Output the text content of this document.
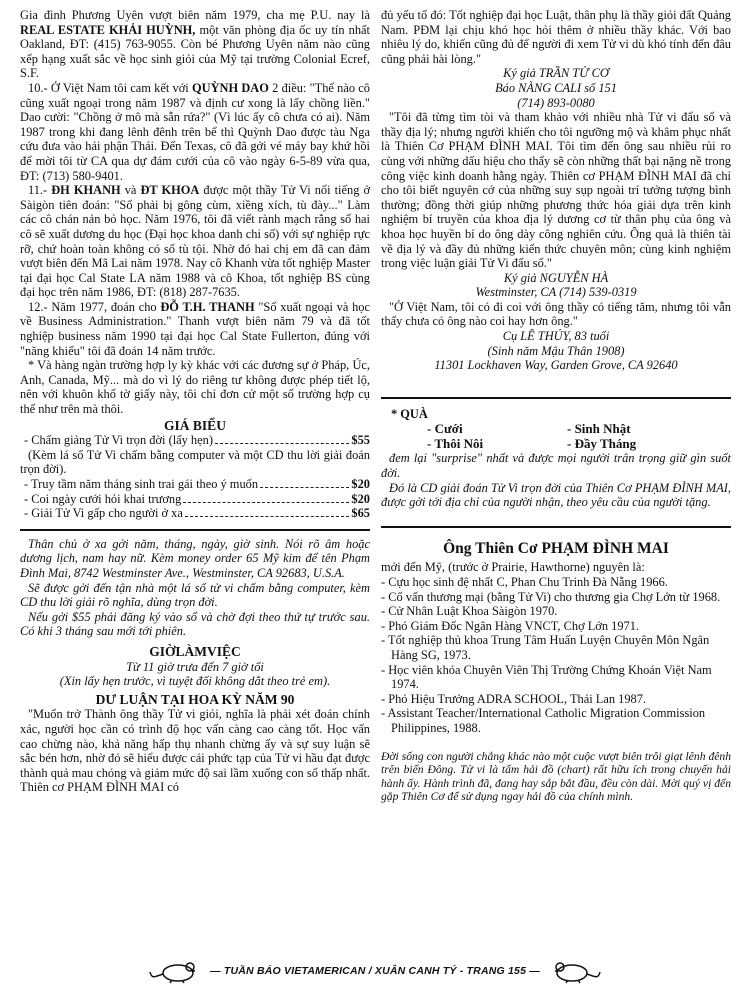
Gia đình Phương Uyên vượt biên năm 1979, cha mẹ P.U. nay là REAL ESTATE KHẢI HUỲNH, một văn phòng địa ốc uy tín nhất Oakland, ĐT: (415) 763-9055. Còn bé Phương Uyên năm nào cũng xếp hạng xuất sắc về học sinh giỏi của Mỹ tại trường Colonial Ecref, S.F.

10.- Ở Việt Nam tôi cam kết với QUỲNH DAO 2 điều: "Thế nào cô cũng xuất ngoại trong năm 1987 và định cư xong là lấy chồng liền." Dao cười: "Chồng ở mô mà sẵn rứa?" (Vì lúc ấy cô chưa có ai). Năm 1987 trong khi đang lênh đênh trên bể thì Quỳnh Dao được tàu Nga cứu đưa vào hải phận Thái. Đến Texas, cô đã gởi vé máy bay khứ hồi để mời tôi từ CA qua dự đám cưới của cô vào ngày 6-5-89 vừa qua, ĐT: (713) 580-9401.

11.- ĐH KHANH và ĐT KHOA được một thầy Tử Vi nổi tiếng ở Sàigòn tiên đoán: "Số phải bị gông cùm, xiềng xích, tù đày..." Làm các cô chán nản bỏ học. Năm 1976, tôi đã viết rành mạch rằng số hai cô sẽ xuất dương du học (Đại học khoa danh chi số) với sự nghiệp rực rỡ, chứ hoàn toàn không có số tù tội. Nhờ đó hai chị em đã can đảm vượt biên đến Mã Lai năm 1978. Nay cô Khanh vừa tốt nghiệp Master tại đại học Cal State LA năm 1988 và cô Khoa, tốt nghiệp BS cùng đại học trên năm 1986, ĐT: (818) 287-7635.

12.- Năm 1977, đoán cho ĐỖ T.H. THANH "Số xuất ngoại và học về Business Administration." Thanh vượt biên năm 79 và đã tốt nghiệp business năm 1990 tại đại học Cal State Fullerton, đúng với "năng khiếu" tôi đã đoán 14 năm trước.

* Và hàng ngàn trường hợp ly kỳ khác với các đương sự ở Pháp, Úc, Anh, Canada, Mỹ... mà do vì lý do riêng tư không được phép tiết lộ, nên với khuôn khổ tờ giấy này, tôi chỉ đơn cử một số trường hợp cụ thể như trên mà thôi.

GIÁ BIỂU
- Chấm giảng Tử Vi trọn đời (lấy hẹn)	$55

(Kèm lá số Tử Vi chấm bằng computer và một CD thu lời giải đoán trọn đời).

- Truy tầm năm tháng sinh trai gái theo ý muốn	$20
- Coi ngày cưới hỏi khai trương	$20
- Giải Tử Vi gấp cho người ở xa	$65

Thân chủ ở xa gởi năm, tháng, ngày, giờ sinh. Nói rõ âm hoặc dương lịch, nam hay nữ. Kèm money order 65 Mỹ kim để tên Phạm Đình Mai, 8742 Westminster Ave., Westminster, CA 92683, U.S.A.

Sẽ được gởi đến tận nhà một lá số tử vi chấm bằng computer, kèm CD thu lời giải rõ nghĩa, dùng trọn đời.

Nếu gởi $55 phải đăng ký vào sổ và chờ đợi theo thứ tự trước sau. Có khi 3 tháng sau mới tới phiên.

GIỜLÀMVIỆC

Từ 11 giờ trưa đến 7 giờ tối

(Xin lấy hẹn trước, vì tuyệt đối không dắt theo trẻ em).

DƯ LUẬN TẠI HOA KỲ NĂM 90

"Muốn trở Thành ông thầy Tử vi giỏi, nghĩa là phải xét đoán chính xác, người học cần có trình độ học vấn càng cao càng tốt. Học vấn cao chừng nào, khả năng hấp thụ nhanh chừng ấy và sự suy luận sẽ sắc bén hơn, nhờ đó sẽ hiểu được cái phức tạp của Tử vi hầu đạt được thành quả mau chóng và giảm mức độ sai lầm xuống con số thấp nhất. Thiên cơ PHẠM ĐÌNH MAI có

đủ yếu tố đó: Tốt nghiệp đại học Luật, thân phụ là thầy giỏi đất Quảng Nam. PĐM lại chịu khó học hỏi thêm ở nhiều thầy khác. Với bao nhiêu lý do, khiến cũng đủ để người đi xem Tử vi dù khó tính đến đâu cũng phải hài lòng."

Ký giả TRẦN TỬ CƠ

Báo NÀNG CALI số 151

(714) 893-0080

"Tôi đã từng tìm tòi và tham khảo với nhiều nhà Tử vi đẩu số và thầy địa lý; nhưng người khiến cho tôi ngưỡng mộ và khâm phục nhất là Thiên Cơ PHẠM ĐÌNH MAI. Tôi tìm đến ông sau nhiều rủi ro cùng với những dấu hiệu cho thấy sẽ còn những thất bại nặng nề trong công việc kinh doanh hằng ngày. Thiên cơ PHẠM ĐÌNH MAI đã chỉ cho tôi biết nguyên cớ của những suy sụp ngoài trí tưởng tượng bình thường; đồng thời giúp những phương thức hóa giải dựa trên kinh nghiệm bí truyền của khoa địa lý dương cơ từ thân phụ của ông và khoa học huyền bí do ông dày công nghiên cứu. Ông quả là thiên tài về địa lý và đầy đủ những kiến thức chuyên môn; cùng kinh nghiệm trong việc luận giải Tử Vi đẩu số."

Ký giả NGUYỄN HÀ

Westminster, CA (714) 539-0319

"Ở Việt Nam, tôi có đi coi với ông thầy có tiếng tăm, nhưng tôi vẫn thấy chưa có ông nào coi hay hơn ông."

Cụ LÊ THÚY, 83 tuổi

(Sinh năm Mậu Thân 1908)

11301 Lockhaven Way, Garden Grove, CA 92640

* QUÀ

- Cưới	- Sinh Nhật
- Thôi Nôi	- Đầy Tháng

đem lại "surprise" nhất và được mọi người trân trọng giữ gìn suốt đời.

Đó là CD giải đoán Tử Vi trọn đời của Thiên Cơ PHẠM ĐÌNH MAI, được gởi tới địa chỉ của người nhận, theo yêu cầu của người tặng.

Ông Thiên Cơ PHẠM ĐÌNH MAI

mới đến Mỹ, (trước ở Prairie, Hawthorne) nguyên là:

- Cựu học sinh đệ nhất C, Phan Chu Trinh Đà Nẵng 1966.
- Cố vấn thương mại (bằng Tử Vi) cho thương gia Chợ Lớn từ 1968.
- Cử Nhân Luật Khoa Sàigòn 1970.
- Phó Giám Đốc Ngân Hàng VNCT, Chợ Lớn 1971.
- Tốt nghiệp thủ khoa Trung Tâm Huấn Luyện Chuyên Môn Ngân Hàng SG, 1973.
- Học viên khóa Chuyên Viên Thị Trường Chứng Khoán Việt Nam 1974.
- Phó Hiệu Trưởng ADRA SCHOOL, Thái Lan 1987.
- Assistant Teacher/International Catholic Migration Commission Philippines, 1988.

Đời sống con người chẳng khác nào một cuộc vượt biên trôi giạt lênh đênh trên biển Đông. Tử vi là tấm hải đồ (chart) rất hữu ích trong chuyến hải hành ấy. Hành trình đã, đang hay sắp bắt đầu, đều còn dài. Mời quý vị đến gặp Thiên Cơ để sử dụng ngay hải đồ của chính mình.

— TUẦN BÁO VIETAMERICAN / XUÂN CANH TÝ - TRANG 155 —
